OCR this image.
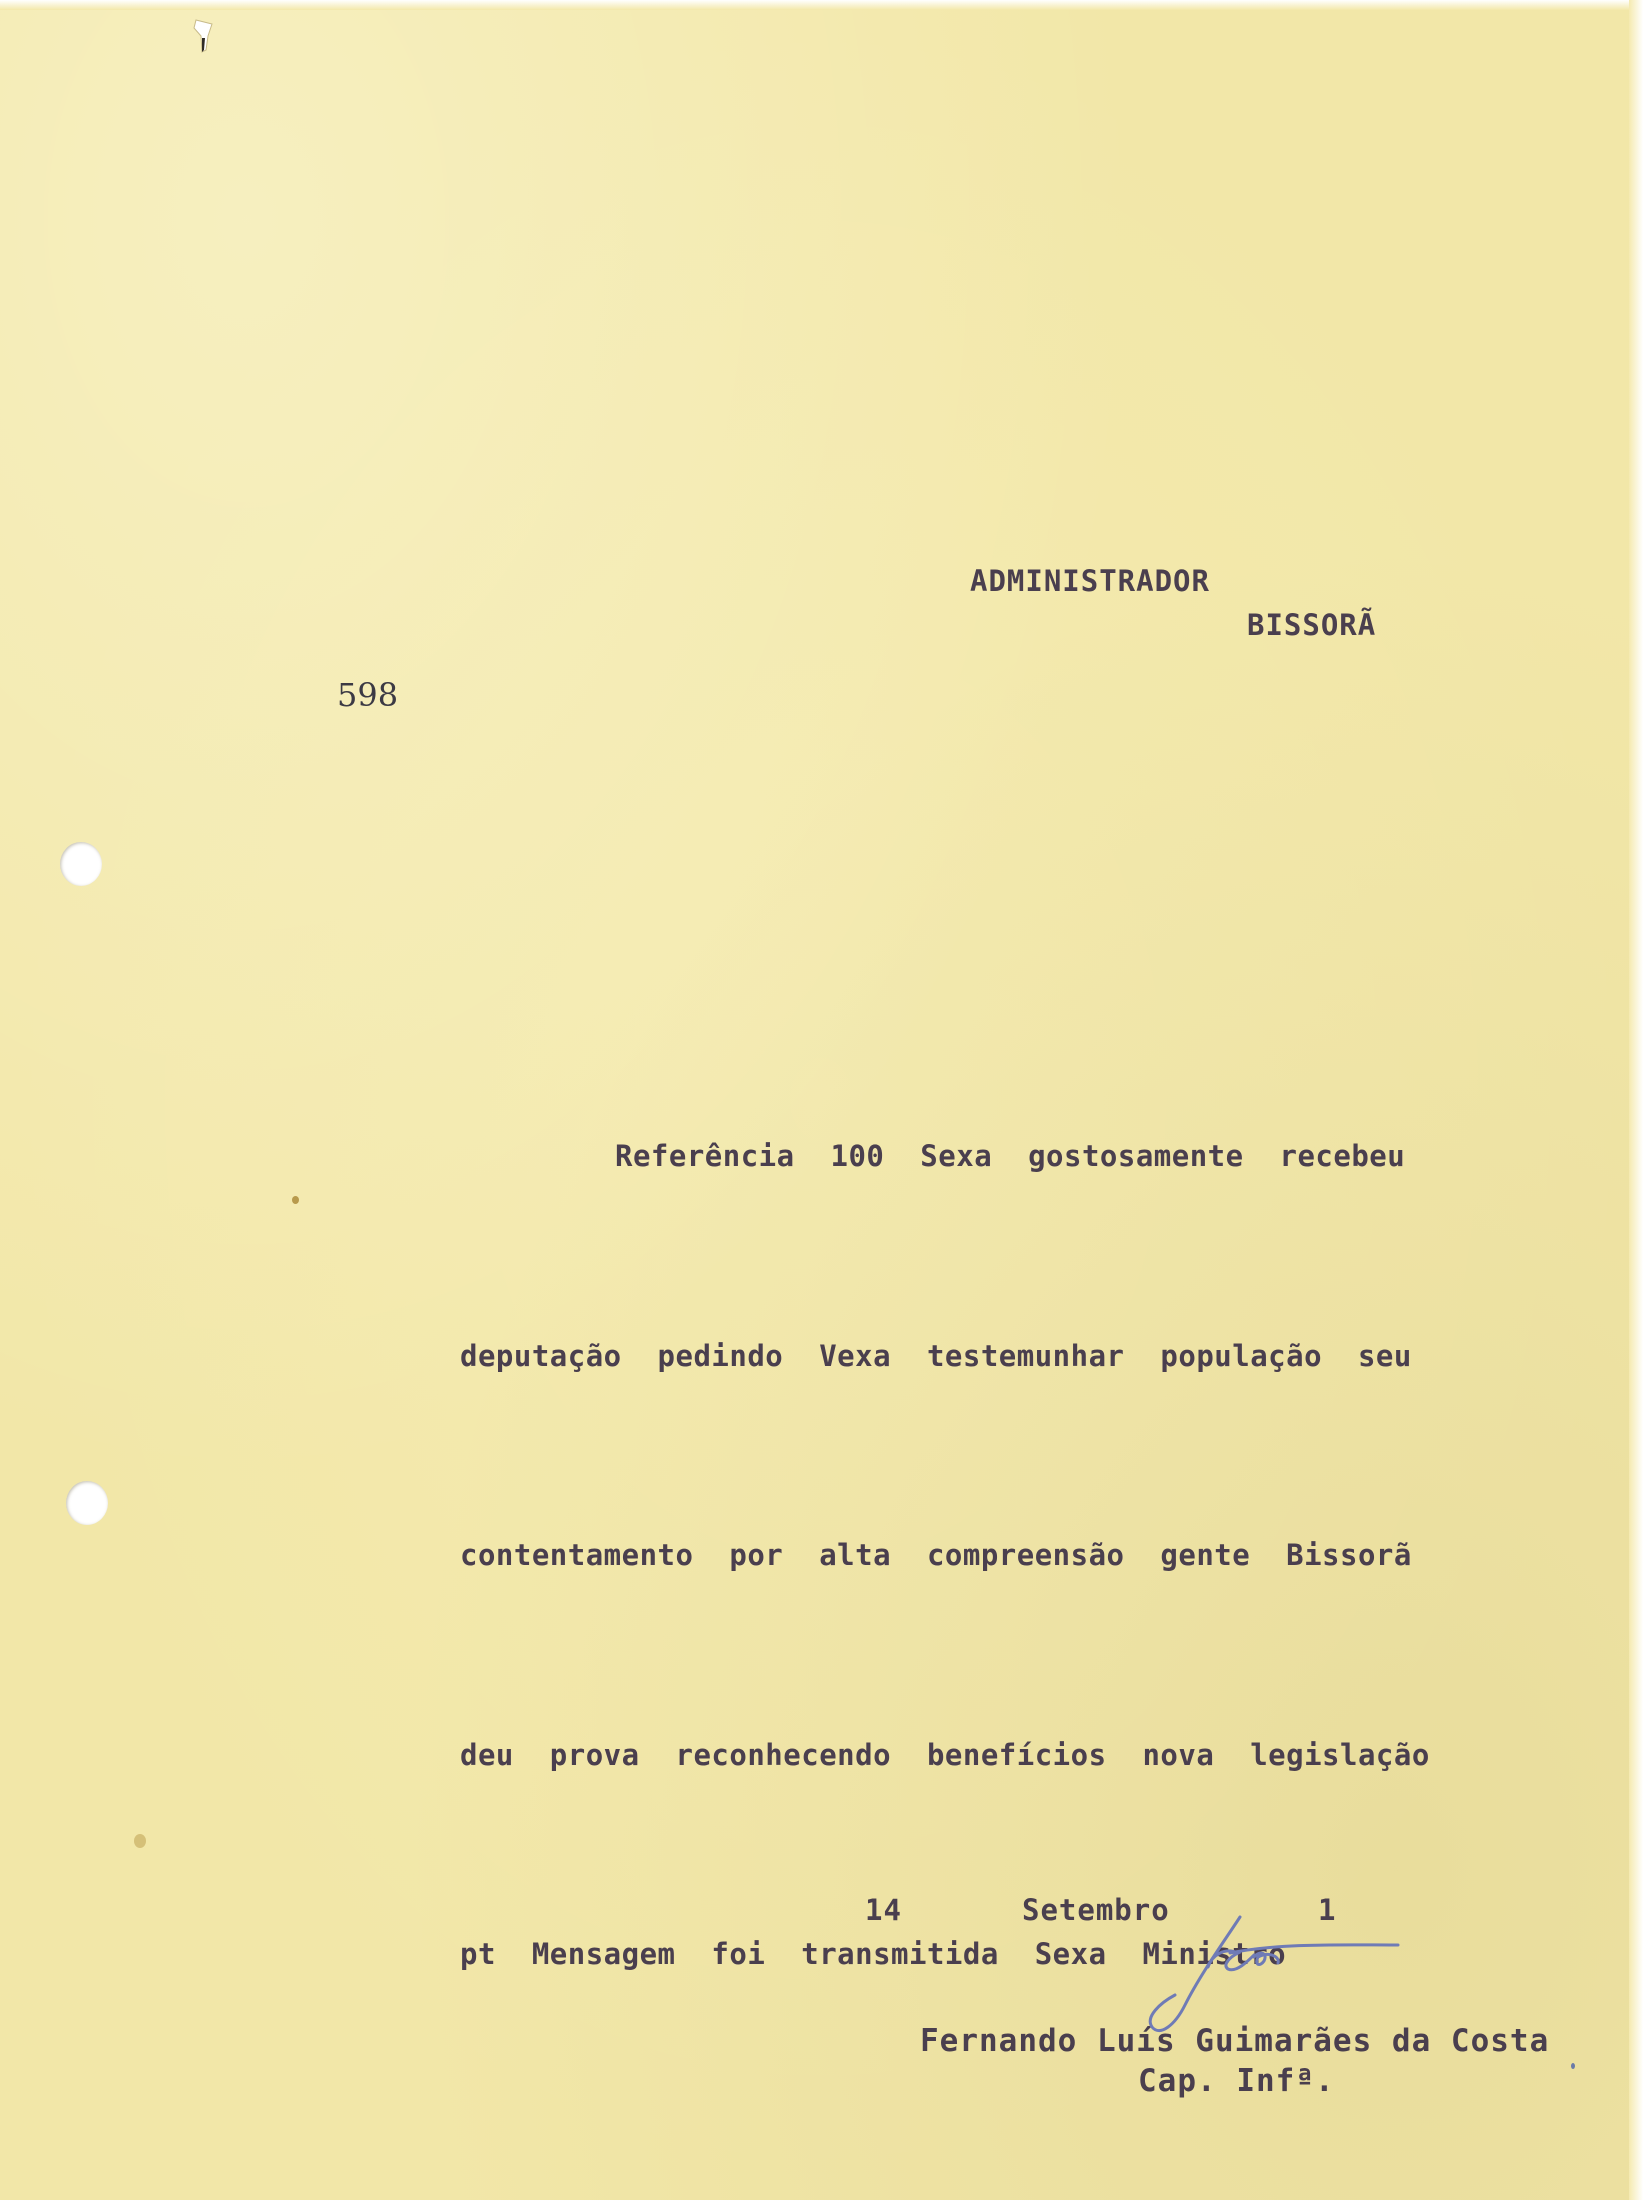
ADMINISTRADOR
BISSORÃ
598

Referência  100  Sexa  gostosamente  recebeu

deputação  pedindo  Vexa  testemunhar  população  seu

contentamento  por  alta  compreensão  gente  Bissorã

deu  prova  reconhecendo  benefícios  nova  legislação

pt  Mensagem  foi  transmitida  Sexa  Ministro

14	Setembro	1
Fernando Luís Guimarães da Costa
Cap. Infª.
